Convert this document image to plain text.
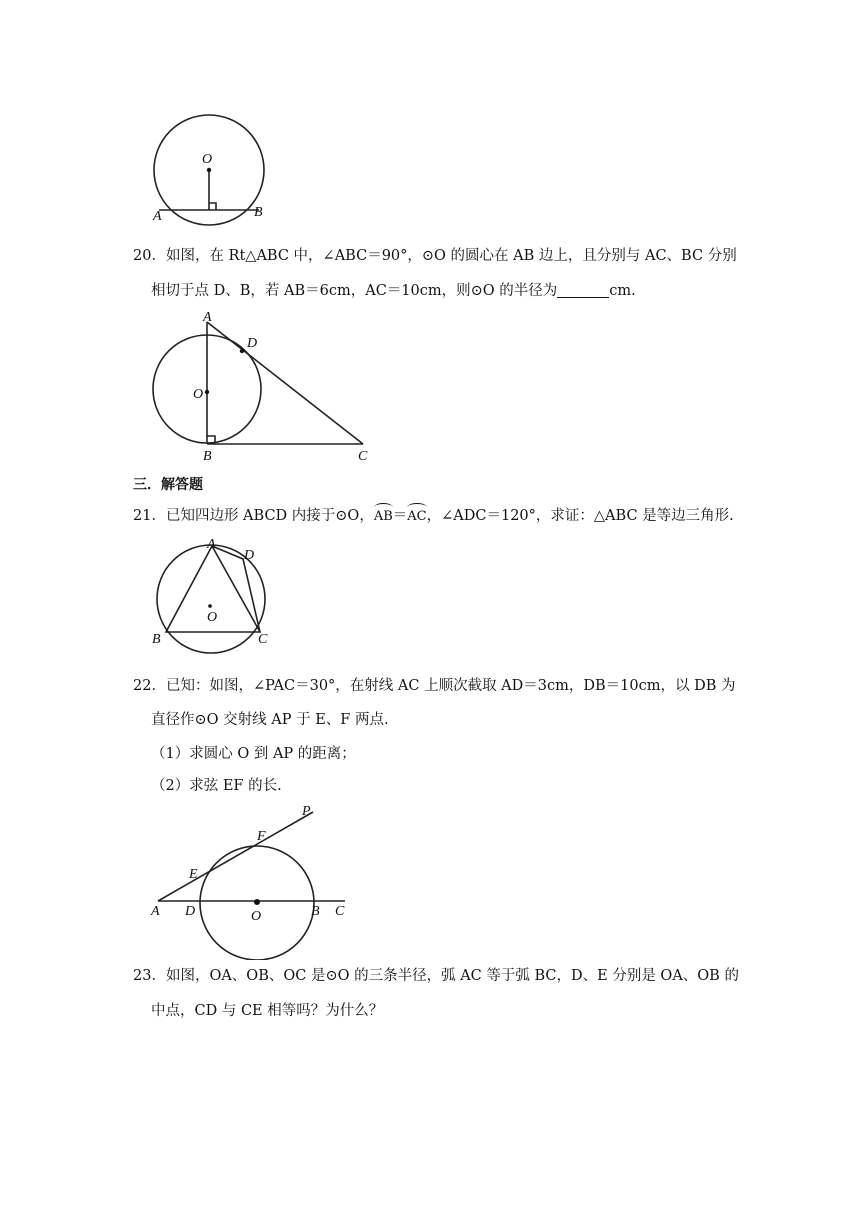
O
A	B
20．如图，在 Rt△ABC 中，∠ABC＝90°，⊙O 的圆心在 AB 边上，且分别与 AC、BC 分别
相切于点 D、B，若 AB＝6cm，AC＝10cm，则⊙O 的半径为	cm.
A
D
O
B	C
三．解答题
21．已知四边形 ABCD 内接于⊙O，AB＝AC，∠ADC＝120°，求证：△ABC 是等边三角形.
A
D
O
B	C
22．已知：如图，∠PAC＝30°，在射线 AC 上顺次截取 AD＝3cm，DB＝10cm，以 DB 为
直径作⊙O 交射线 AP 于 E、F 两点.
（1）求圆心 O 到 AP 的距离；
（2）求弦 EF 的长.
P
F
E
A D	O	B C
23．如图，OA、OB、OC 是⊙O 的三条半径，弧 AC 等于弧 BC，D、E 分别是 OA、OB 的
中点，CD 与 CE 相等吗？为什么？
